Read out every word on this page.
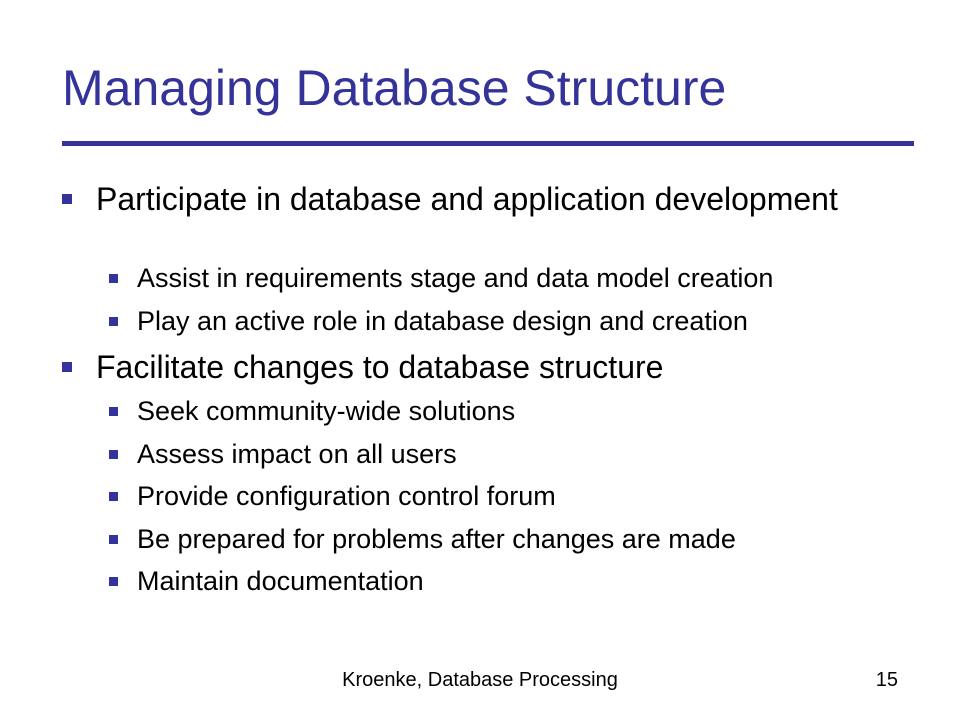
Managing Database Structure
Participate in database and application development
Assist in requirements stage and data model creation
Play an active role in database design and creation
Facilitate changes to database structure
Seek community-wide solutions
Assess impact on all users
Provide configuration control forum
Be prepared for problems after changes are made
Maintain documentation
Kroenke, Database Processing	15
